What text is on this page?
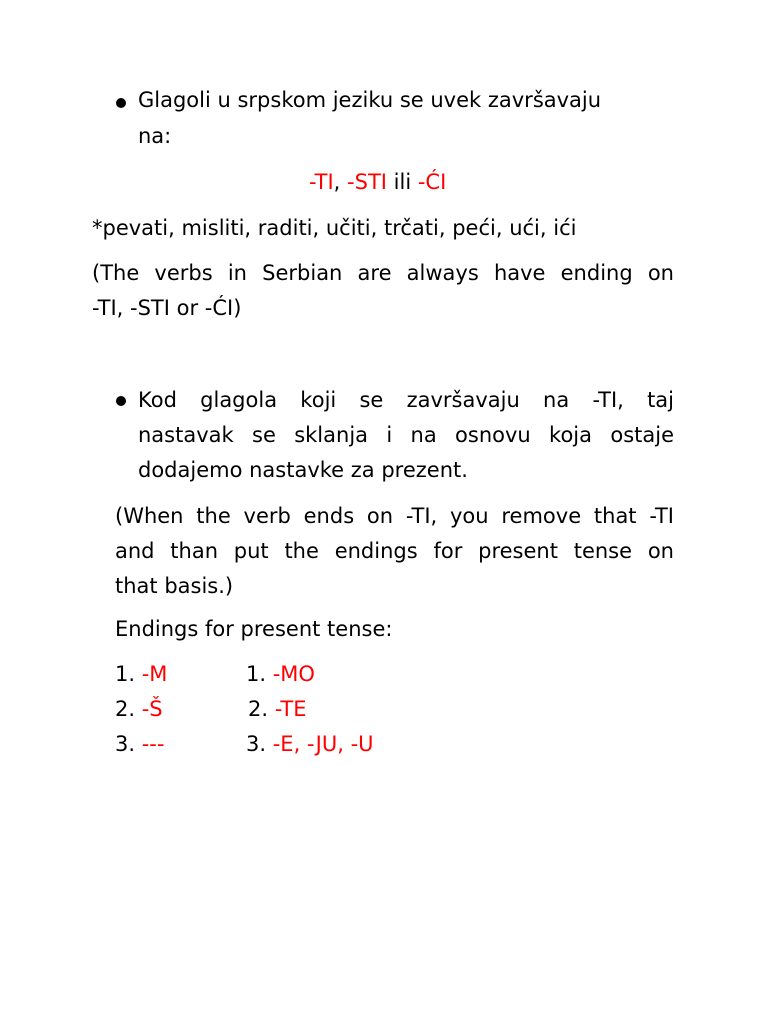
Glagoli u srpskom jeziku se uvek završavaju
na:
-TI, -STI ili -ĆI
*pevati, misliti, raditi, učiti, trčati, peći, ući, ići
(The verbs in Serbian are always have ending on
-TI, -STI or -ĆI)
Kod glagola koji se završavaju na -TI, taj
nastavak se sklanja i na osnovu koja ostaje
dodajemo nastavke za prezent.
(When the verb ends on -TI, you remove that -TI
and than put the endings for present tense on
that basis.)
Endings for present tense:
1. -M
2. -Š
3. ---
1. -MO
2. -TE
3. -E, -JU, -U
